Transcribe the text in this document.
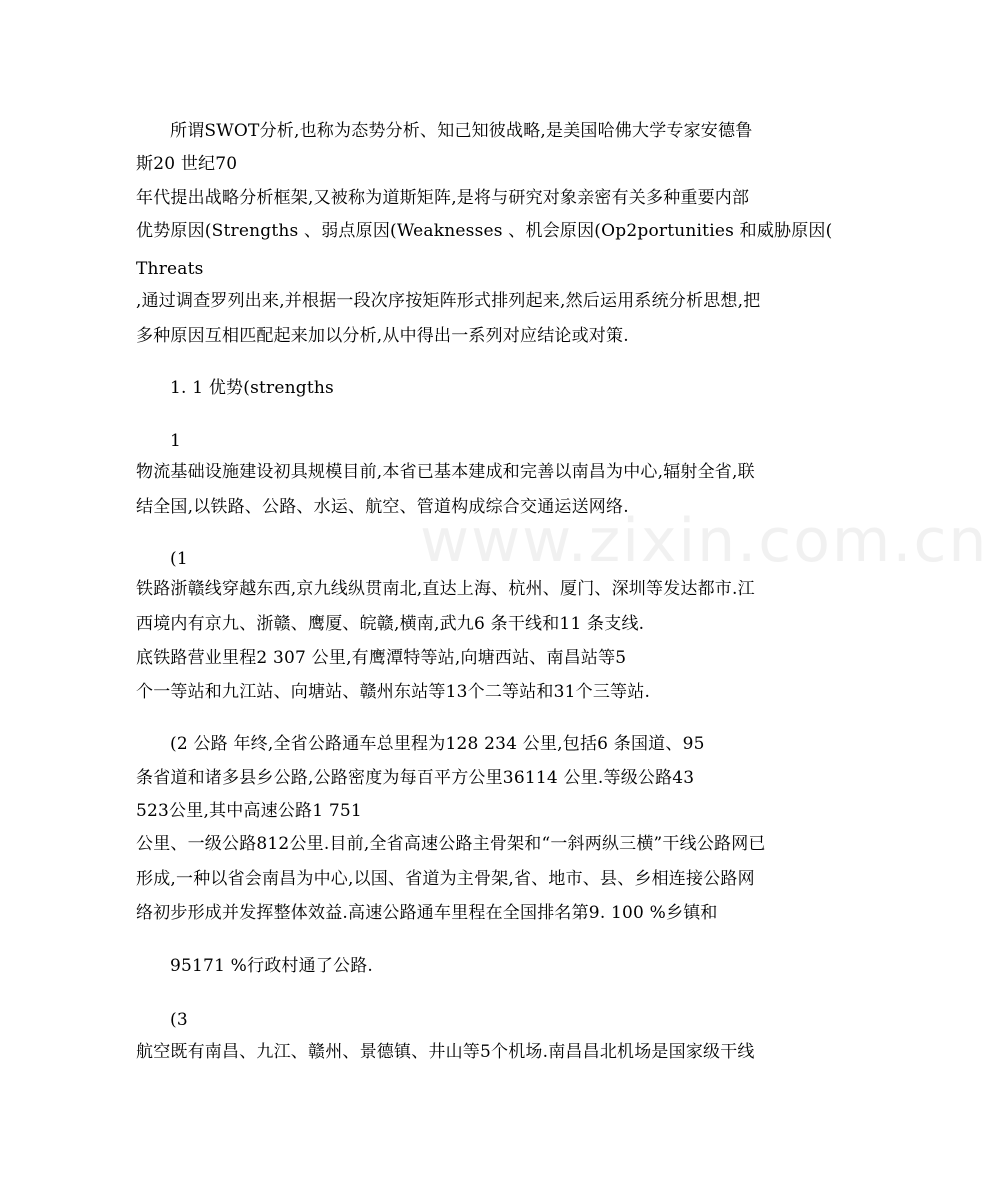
www.zixin.com.cn
所谓SWOT分析,也称为态势分析、知己知彼战略,是美国哈佛大学专家安德鲁
斯20 世纪70
年代提出战略分析框架,又被称为道斯矩阵,是将与研究对象亲密有关多种重要内部
优势原因(Strengths 、弱点原因(Weaknesses 、机会原因(Op2portunities 和威胁原因(
Threats
,通过调查罗列出来,并根据一段次序按矩阵形式排列起来,然后运用系统分析思想,把
多种原因互相匹配起来加以分析,从中得出一系列对应结论或对策.
1. 1 优势(strengths
1
物流基础设施建设初具规模目前,本省已基本建成和完善以南昌为中心,辐射全省,联
结全国,以铁路、公路、水运、航空、管道构成综合交通运送网络.
(1
铁路浙赣线穿越东西,京九线纵贯南北,直达上海、杭州、厦门、深圳等发达都市.江
西境内有京九、浙赣、鹰厦、皖赣,横南,武九6 条干线和11 条支线.
底铁路营业里程2 307 公里,有鹰潭特等站,向塘西站、南昌站等5
个一等站和九江站、向塘站、赣州东站等13个二等站和31个三等站.
(2 公路 年终,全省公路通车总里程为128 234 公里,包括6 条国道、95
条省道和诸多县乡公路,公路密度为每百平方公里36114 公里.等级公路43
523公里,其中高速公路1 751
公里、一级公路812公里.目前,全省高速公路主骨架和“一斜两纵三横”干线公路网已
形成,一种以省会南昌为中心,以国、省道为主骨架,省、地市、县、乡相连接公路网
络初步形成并发挥整体效益.高速公路通车里程在全国排名第9. 100 %乡镇和
95171 %行政村通了公路.
(3
航空既有南昌、九江、赣州、景德镇、井山等5个机场.南昌昌北机场是国家级干线
